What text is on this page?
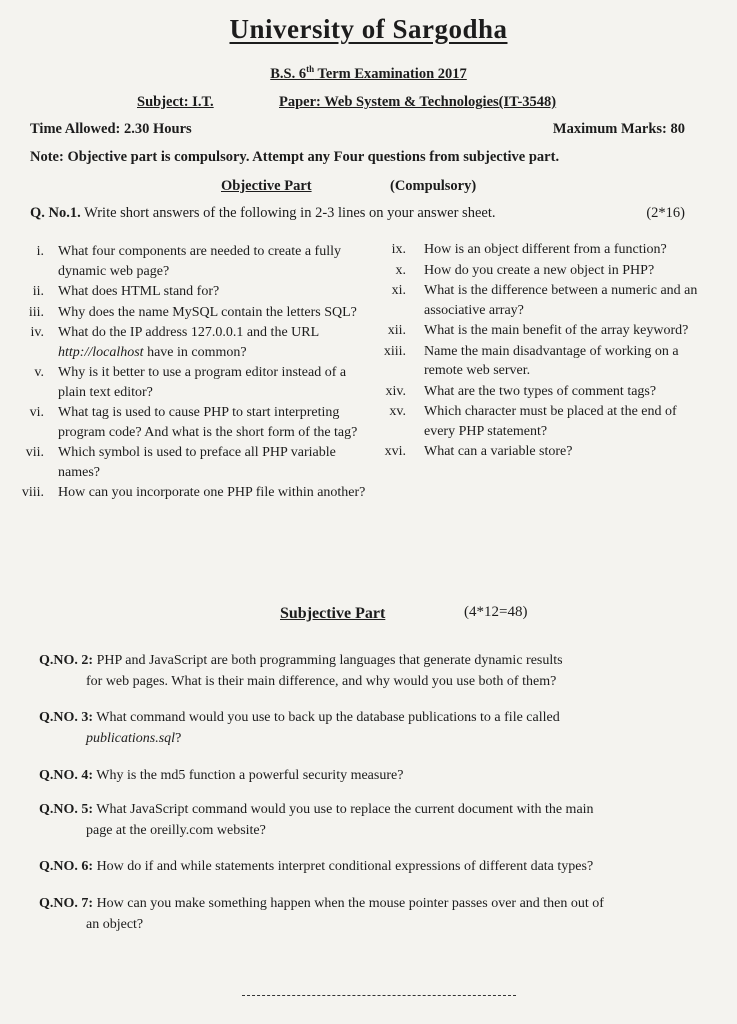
University of Sargodha
B.S. 6th Term Examination 2017
Subject: I.T.	Paper: Web System & Technologies(IT-3548)
Time Allowed: 2.30 Hours	Maximum Marks: 80
Note: Objective part is compulsory. Attempt any Four questions from subjective part.
Objective Part	(Compulsory)
Q. No.1. Write short answers of the following in 2-3 lines on your answer sheet.	(2*16)
i.	What four components are needed to create a fully dynamic web page?
ii.	What does HTML stand for?
iii.	Why does the name MySQL contain the letters SQL?
iv.	What do the IP address 127.0.0.1 and the URL http://localhost have in common?
v.	Why is it better to use a program editor instead of a plain text editor?
vi.	What tag is used to cause PHP to start interpreting program code? And what is the short form of the tag?
vii.	Which symbol is used to preface all PHP variable names?
viii.	How can you incorporate one PHP file within another?
ix.	How is an object different from a function?
x.	How do you create a new object in PHP?
xi.	What is the difference between a numeric and an associative array?
xii.	What is the main benefit of the array keyword?
xiii.	Name the main disadvantage of working on a remote web server.
xiv.	What are the two types of comment tags?
xv.	Which character must be placed at the end of every PHP statement?
xvi.	What can a variable store?
Subjective Part	(4*12=48)
Q.NO. 2: PHP and JavaScript are both programming languages that generate dynamic results
for web pages. What is their main difference, and why would you use both of them?
Q.NO. 3: What command would you use to back up the database publications to a file called
publications.sql?
Q.NO. 4: Why is the md5 function a powerful security measure?
Q.NO. 5: What JavaScript command would you use to replace the current document with the main
page at the oreilly.com website?
Q.NO. 6: How do if and while statements interpret conditional expressions of different data types?
Q.NO. 7: How can you make something happen when the mouse pointer passes over and then out of
an object?
